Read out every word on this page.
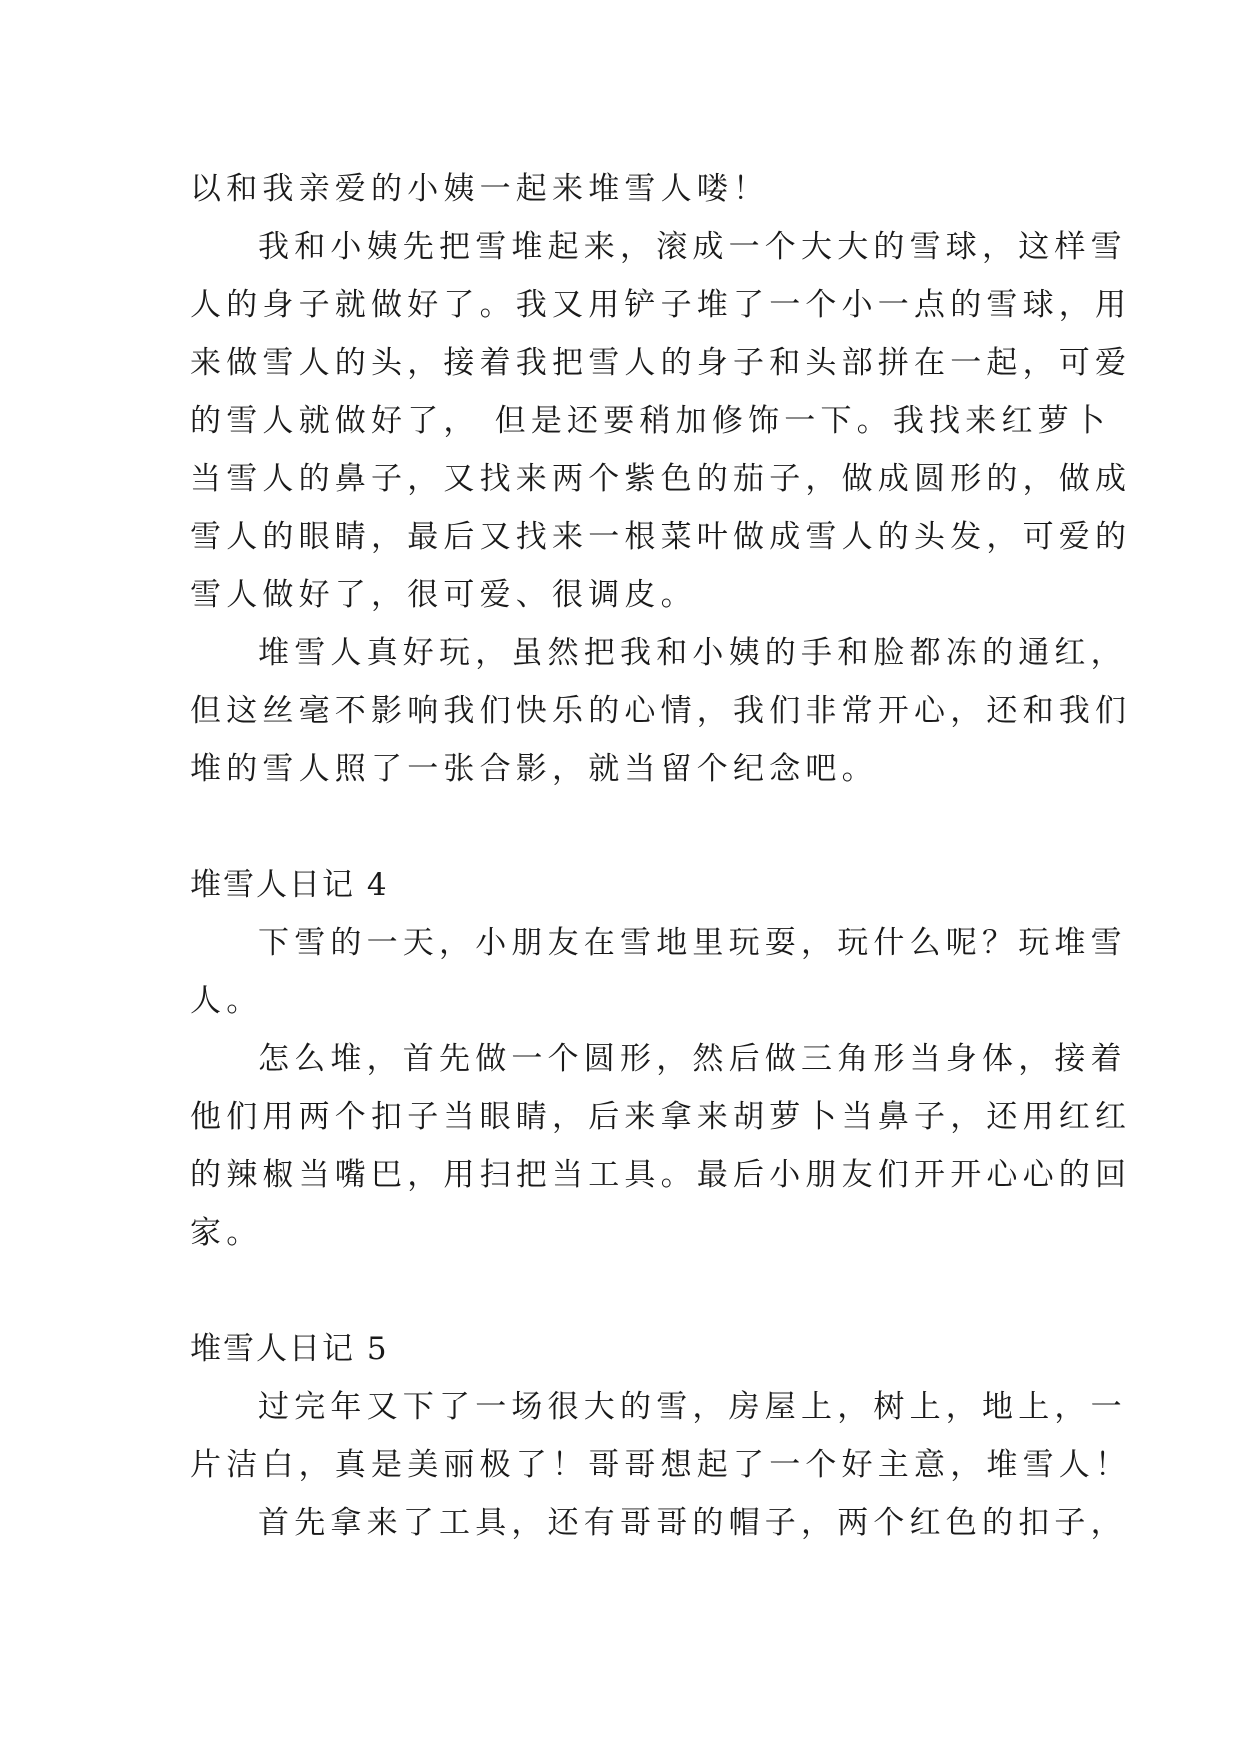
以和我亲爱的小姨一起来堆雪人喽！

我和小姨先把雪堆起来，滚成一个大大的雪球，这样雪

人的身子就做好了。我又用铲子堆了一个小一点的雪球，用

来做雪人的头，接着我把雪人的身子和头部拼在一起，可爱

的雪人就做好了， 但是还要稍加修饰一下。我找来红萝卜

当雪人的鼻子，又找来两个紫色的茄子，做成圆形的，做成

雪人的眼睛，最后又找来一根菜叶做成雪人的头发，可爱的

雪人做好了，很可爱、很调皮。

堆雪人真好玩，虽然把我和小姨的手和脸都冻的通红，

但这丝毫不影响我们快乐的心情，我们非常开心，还和我们

堆的雪人照了一张合影，就当留个纪念吧。

堆雪人日记 4

下雪的一天，小朋友在雪地里玩耍，玩什么呢？玩堆雪

人。

怎么堆，首先做一个圆形，然后做三角形当身体，接着

他们用两个扣子当眼睛，后来拿来胡萝卜当鼻子，还用红红

的辣椒当嘴巴，用扫把当工具。最后小朋友们开开心心的回

家。

堆雪人日记 5

过完年又下了一场很大的雪，房屋上，树上，地上，一

片洁白，真是美丽极了！哥哥想起了一个好主意，堆雪人！

首先拿来了工具，还有哥哥的帽子，两个红色的扣子，
